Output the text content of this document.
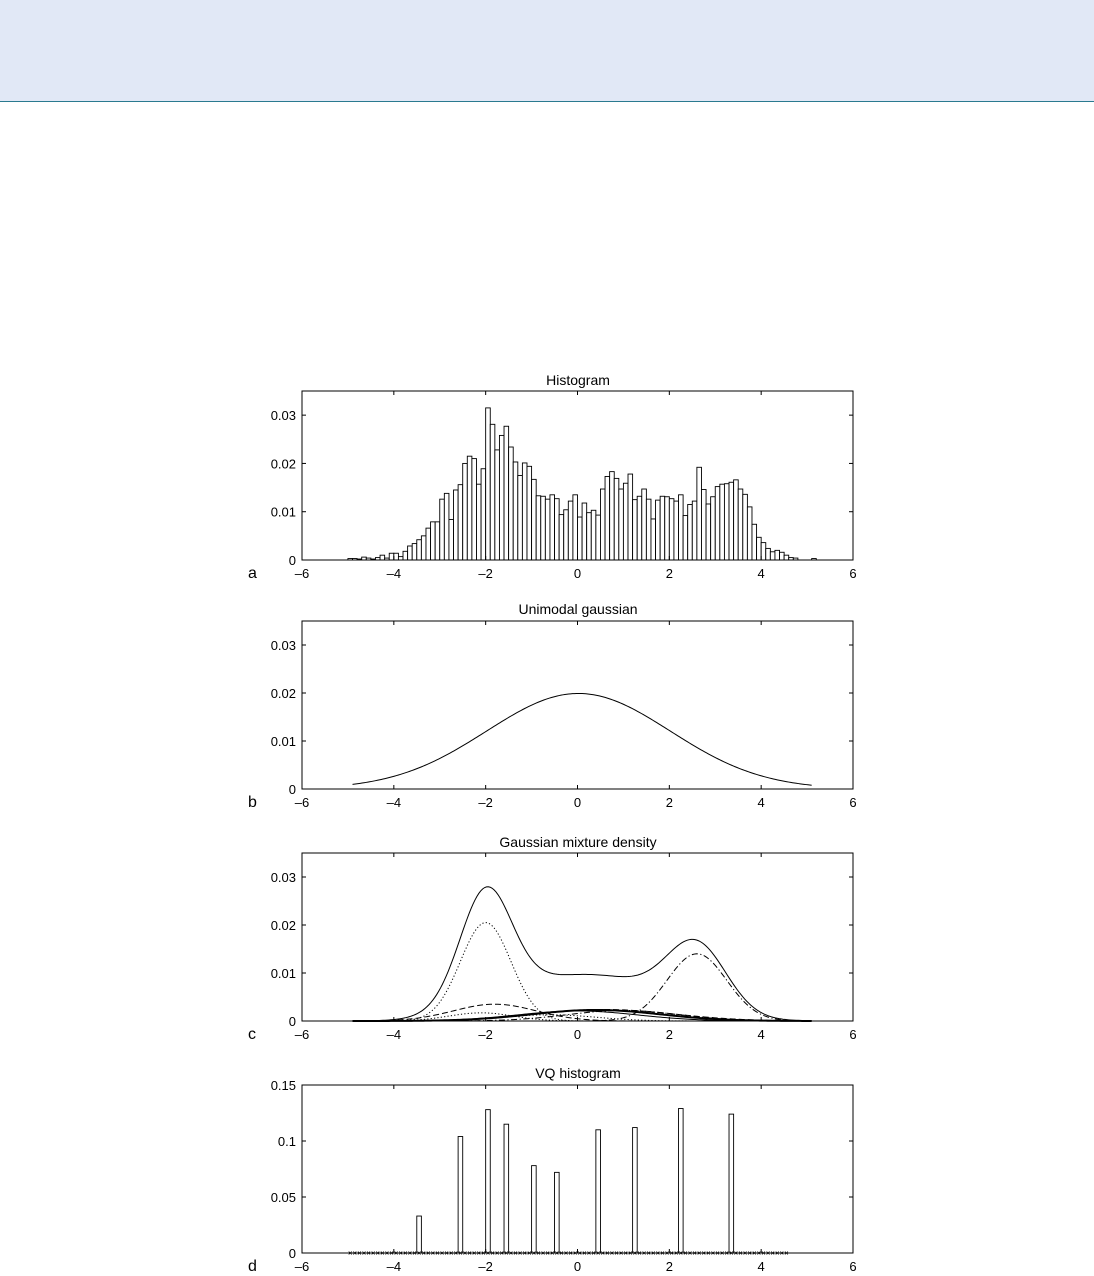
Histogram
a	–6	–4	–2	0	2	4	6
0
0.01
0.02
0.03
Unimodal gaussian
b	–6	–4	–2	0	2	4	6
0
0.01
0.02
0.03
Gaussian mixture density
c	–6	–4	–2	0	2	4	6
0
0.01
0.02
0.03
VQ histogram
d	–6	–4	–2	0	2	4	6
0
0.05
0.1
0.15
